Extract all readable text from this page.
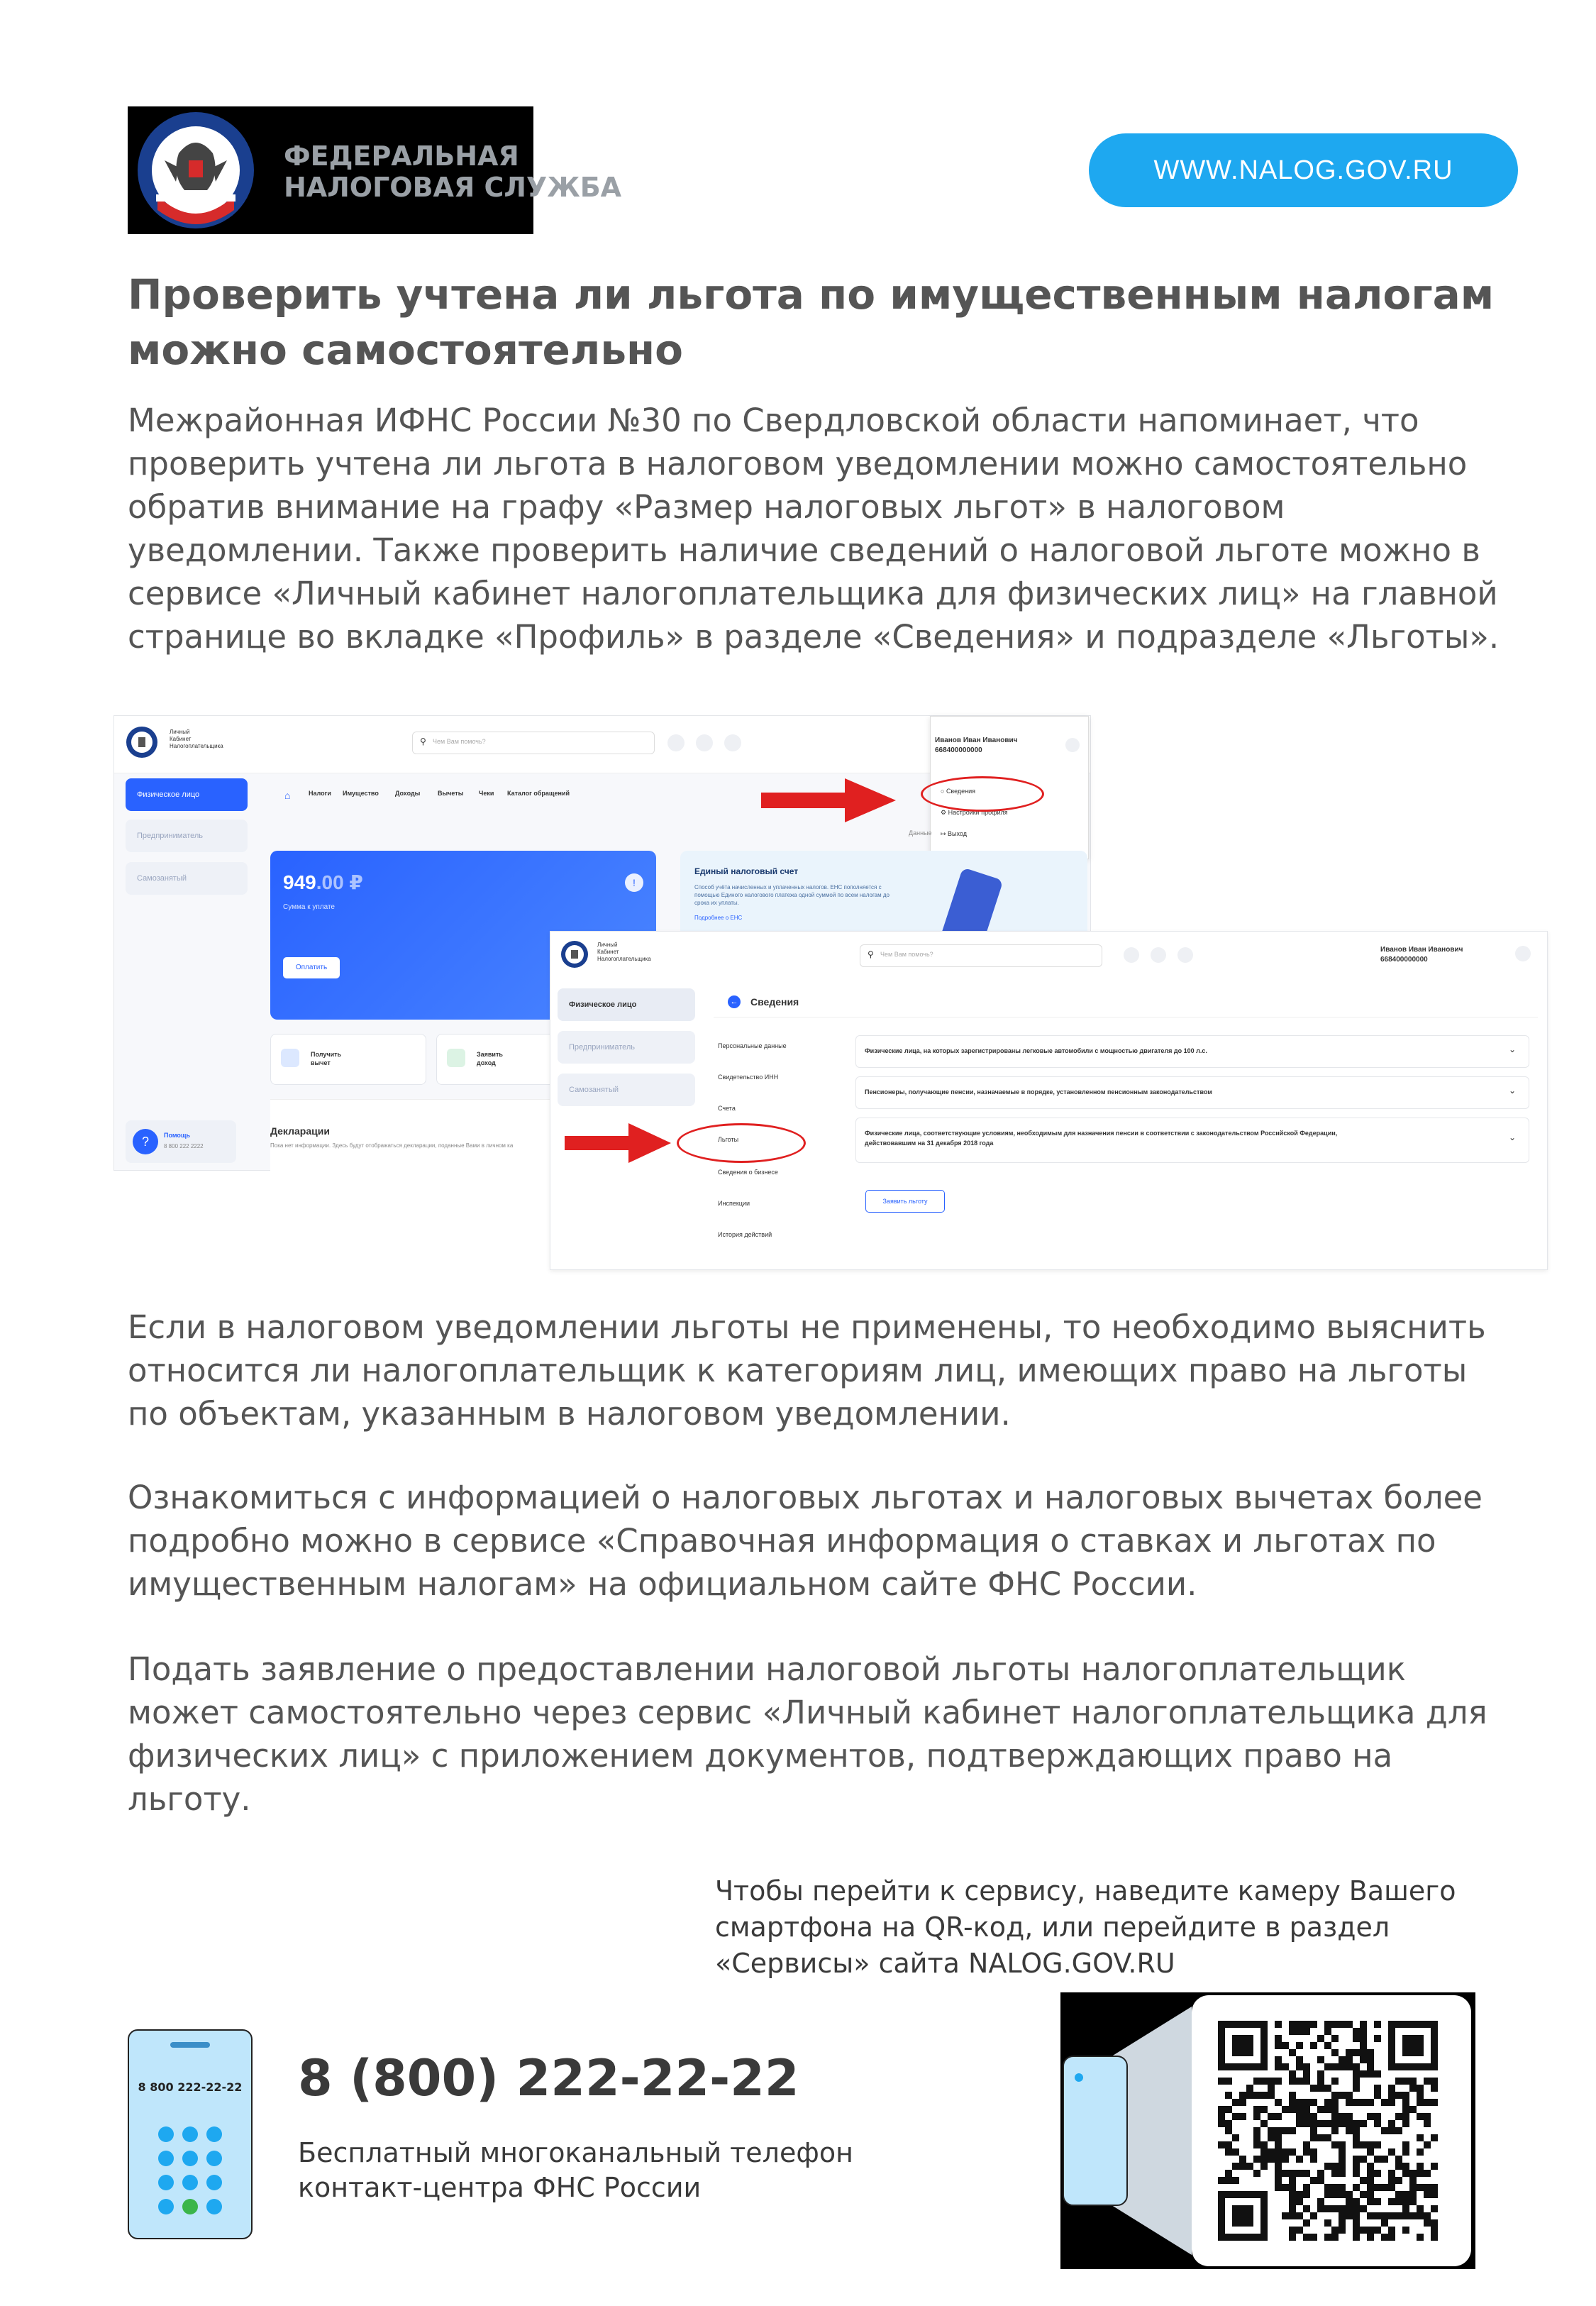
ФЕДЕРАЛЬНАЯ
НАЛОГОВАЯ СЛУЖБА
WWW.NALOG.GOV.RU
Проверить учтена ли льгота по имущественным налогам можно самостоятельно
Межрайонная ИФНС России №30 по Свердловской области напоминает, что проверить учтена ли льгота в налоговом уведомлении можно самостоятельно обратив внимание на графу «Размер налоговых льгот» в налоговом уведомлении. Также проверить наличие сведений о налоговой льготе можно в сервисе «Личный кабинет налогоплательщика для физических лиц» на главной странице во вкладке «Профиль» в разделе «Сведения» и подразделе «Льготы».
Личный
Кабинет
Налогоплательщика	⚲ Чем Вам помочь?	Иванов Иван Иванович
668400000000
○ Сведения
⚙ Настройки профиля
↦ Выход
Физическое лицо
Предприниматель
Самозанятый
⌂	Налоги Имущество	Доходы	Вычеты Чеки Каталог обращений
Данные
949.00 ₽
Сумма к уплате
!
Оплатить
Единый налоговый счет
Способ учёта начисленных и уплаченных налогов. ЕНС пополняется с помощью Единого налогового платежа одной суммой по всем налогам до срока их уплаты.
Подробнее о ЕНС
Получить
вычет
Заявить
доход
Декларации
Пока нет информации. Здесь будут отображаться декларации, поданные Вами в личном ка
?	Помощь
8 800 222 2222
Личный
Кабинет
Налогоплательщика	⚲ Чем Вам помочь?
Иванов Иван Иванович
668400000000
Физическое лицо
Предприниматель
Самозанятый
← Сведения
Персональные данные
Свидетельство ИНН
Счета
Льготы
Сведения о бизнесе
Инспекции
История действий
Физические лица, на которых зарегистрированы легковые автомобили с мощностью двигателя до 100 л.с.	⌄
Пенсионеры, получающие пенсии, назначаемые в порядке, установленном пенсионным законодательством	⌄
Физические лица, соответствующие условиям, необходимым для назначения пенсии в соответствии с законодательством Российской Федерации,
действовавшим на 31 декабря 2018 года
⌄
Заявить льготу
Если в налоговом уведомлении льготы не применены, то необходимо выяснить относится ли налогоплательщик к категориям лиц, имеющих право на льготы по объектам, указанным в налоговом уведомлении.
Ознакомиться с информацией о налоговых льготах и налоговых вычетах более подробно можно в сервисе «Справочная информация о ставках и льготах по имущественным налогам» на официальном сайте ФНС России.
Подать заявление о предоставлении налоговой льготы налогоплательщик может самостоятельно через сервис «Личный кабинет налогоплательщика для физических лиц» с приложением документов, подтверждающих право на льготу.
Чтобы перейти к сервису, наведите камеру Вашего смартфона на QR-код, или перейдите в раздел «Сервисы» сайта NALOG.GOV.RU
8 800 222-22-22 8 (800) 222-22-22
Бесплатный многоканальный телефон контакт-центра ФНС России
